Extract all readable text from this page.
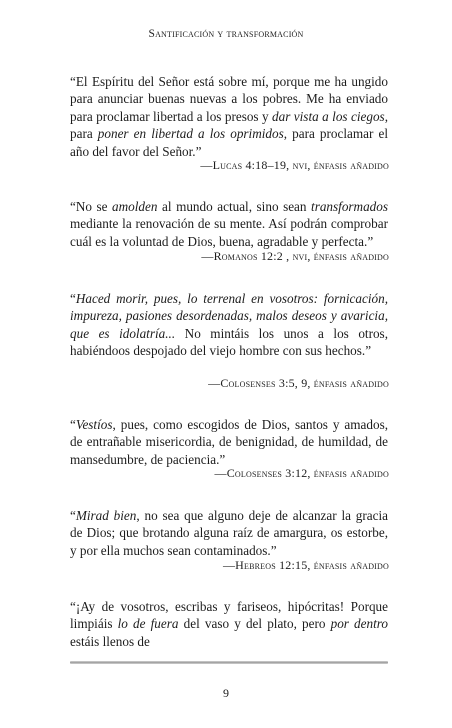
Santificación y transformación

“El Espíritu del Señor está sobre mí, porque me ha ungido para anunciar buenas nuevas a los pobres. Me ha enviado para proclamar libertad a los presos y dar vista a los ciegos, para poner en libertad a los oprimidos, para proclamar el año del favor del Señor.”

—Lucas 4:18–19, nvi, énfasis añadido

“No se amolden al mundo actual, sino sean transformados mediante la renovación de su mente. Así podrán comprobar cuál es la voluntad de Dios, buena, agradable y perfecta.”

—Romanos 12:2 , nvi, énfasis añadido

“Haced morir, pues, lo terrenal en vosotros: fornicación, impureza, pasiones desordenadas, malos deseos y avaricia, que es idolatría... No mintáis los unos a los otros, habiéndoos despojado del viejo hombre con sus hechos.”

—Colosenses 3:5, 9, énfasis añadido

“Vestíos, pues, como escogidos de Dios, santos y amados, de entrañable misericordia, de benignidad, de humildad, de mansedumbre, de paciencia.”

—Colosenses 3:12, énfasis añadido

“Mirad bien, no sea que alguno deje de alcanzar la gracia de Dios; que brotando alguna raíz de amargura, os estorbe, y por ella muchos sean contaminados.”

—Hebreos 12:15, énfasis añadido

“¡Ay de vosotros, escribas y fariseos, hipócritas! Porque limpiáis lo de fuera del vaso y del plato, pero por dentro estáis llenos de

9
